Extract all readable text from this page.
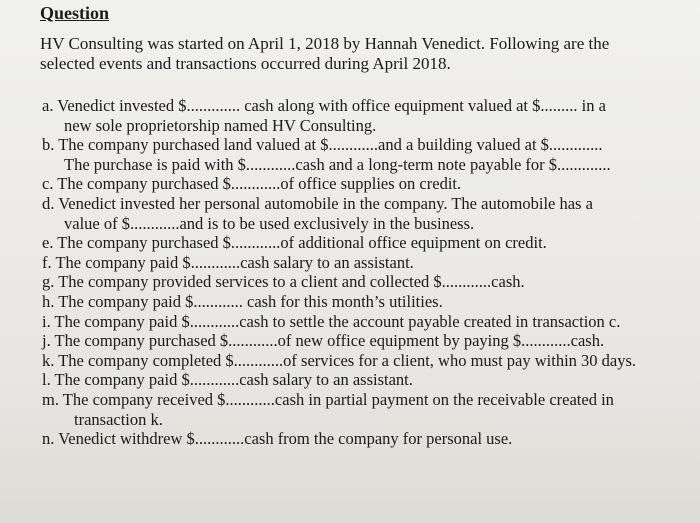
Question
HV Consulting was started on April 1, 2018 by Hannah Venedict. Following are the
selected events and transactions occurred during April 2018.
a. Venedict invested $............. cash along with office equipment valued at $......... in a
new sole proprietorship named HV Consulting.
b. The company purchased land valued at $............and a building valued at $.............
The purchase is paid with $............cash and a long-term note payable for $.............
c. The company purchased $............of office supplies on credit.
d. Venedict invested her personal automobile in the company. The automobile has a
value of $............and is to be used exclusively in the business.
e. The company purchased $............of additional office equipment on credit.
f. The company paid $............cash salary to an assistant.
g. The company provided services to a client and collected $............cash.
h. The company paid $............ cash for this month’s utilities.
i. The company paid $............cash to settle the account payable created in transaction c.
j. The company purchased $............of new office equipment by paying $............cash.
k. The company completed $............of services for a client, who must pay within 30 days.
l. The company paid $............cash salary to an assistant.
m. The company received $............cash in partial payment on the receivable created in
transaction k.
n. Venedict withdrew $............cash from the company for personal use.
